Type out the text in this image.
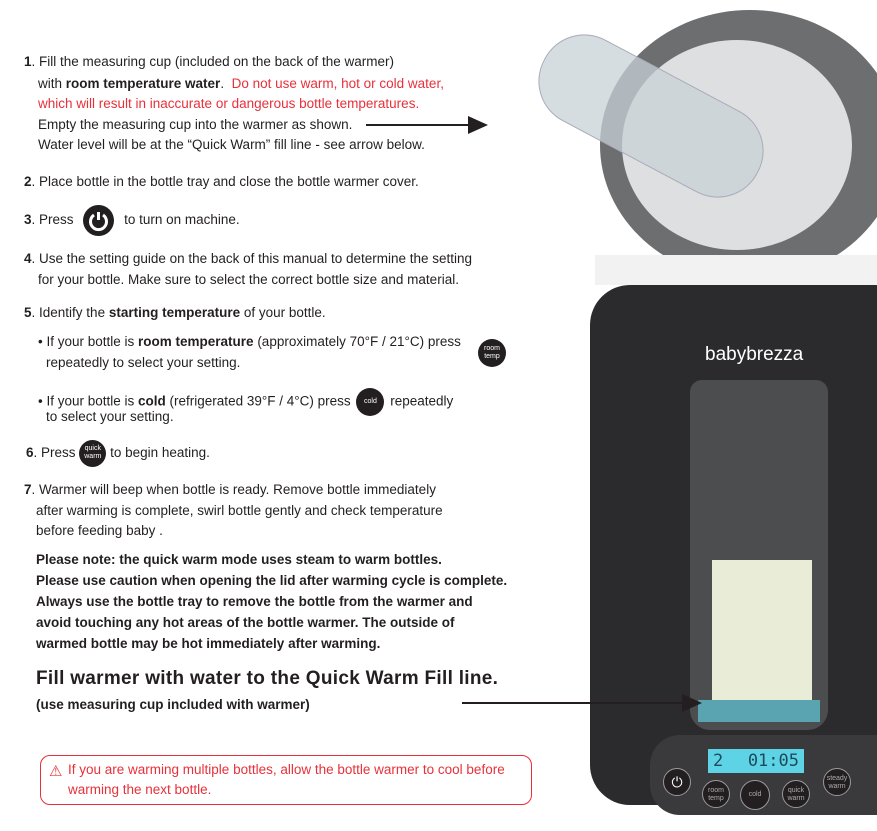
1. Fill the measuring cup (included on the back of the warmer)
with room temperature water. Do not use warm, hot or cold water,
which will result in inaccurate or dangerous bottle temperatures.
Empty the measuring cup into the warmer as shown.
Water level will be at the “Quick Warm” fill line - see arrow below.
2. Place bottle in the bottle tray and close the bottle warmer cover.
3. Press	to turn on machine.
4. Use the setting guide on the back of this manual to determine the setting
for your bottle. Make sure to select the correct bottle size and material.
5. Identify the starting temperature of your bottle.
• If your bottle is room temperature (approximately 70°F / 21°C) press	room
temp
repeatedly to select your setting.
• If your bottle is cold (refrigerated 39°F / 4°C) press cold repeatedly
to select your setting.
6. Press quick
warm to begin heating.
7. Warmer will beep when bottle is ready. Remove bottle immediately
after warming is complete, swirl bottle gently and check temperature
before feeding baby .
Please note: the quick warm mode uses steam to warm bottles.
Please use caution when opening the lid after warming cycle is complete.
Always use the bottle tray to remove the bottle from the warmer and
avoid touching any hot areas of the bottle warmer. The outside of
warmed bottle may be hot immediately after warming.
Fill warmer with water to the Quick Warm Fill line.
(use measuring cup included with warmer)
babybrezza
2 01:05
⏻
room
temp
cold
quick
warm
steady
warm
⚠ If you are warming multiple bottles, allow the bottle warmer to cool before
warming the next bottle.
